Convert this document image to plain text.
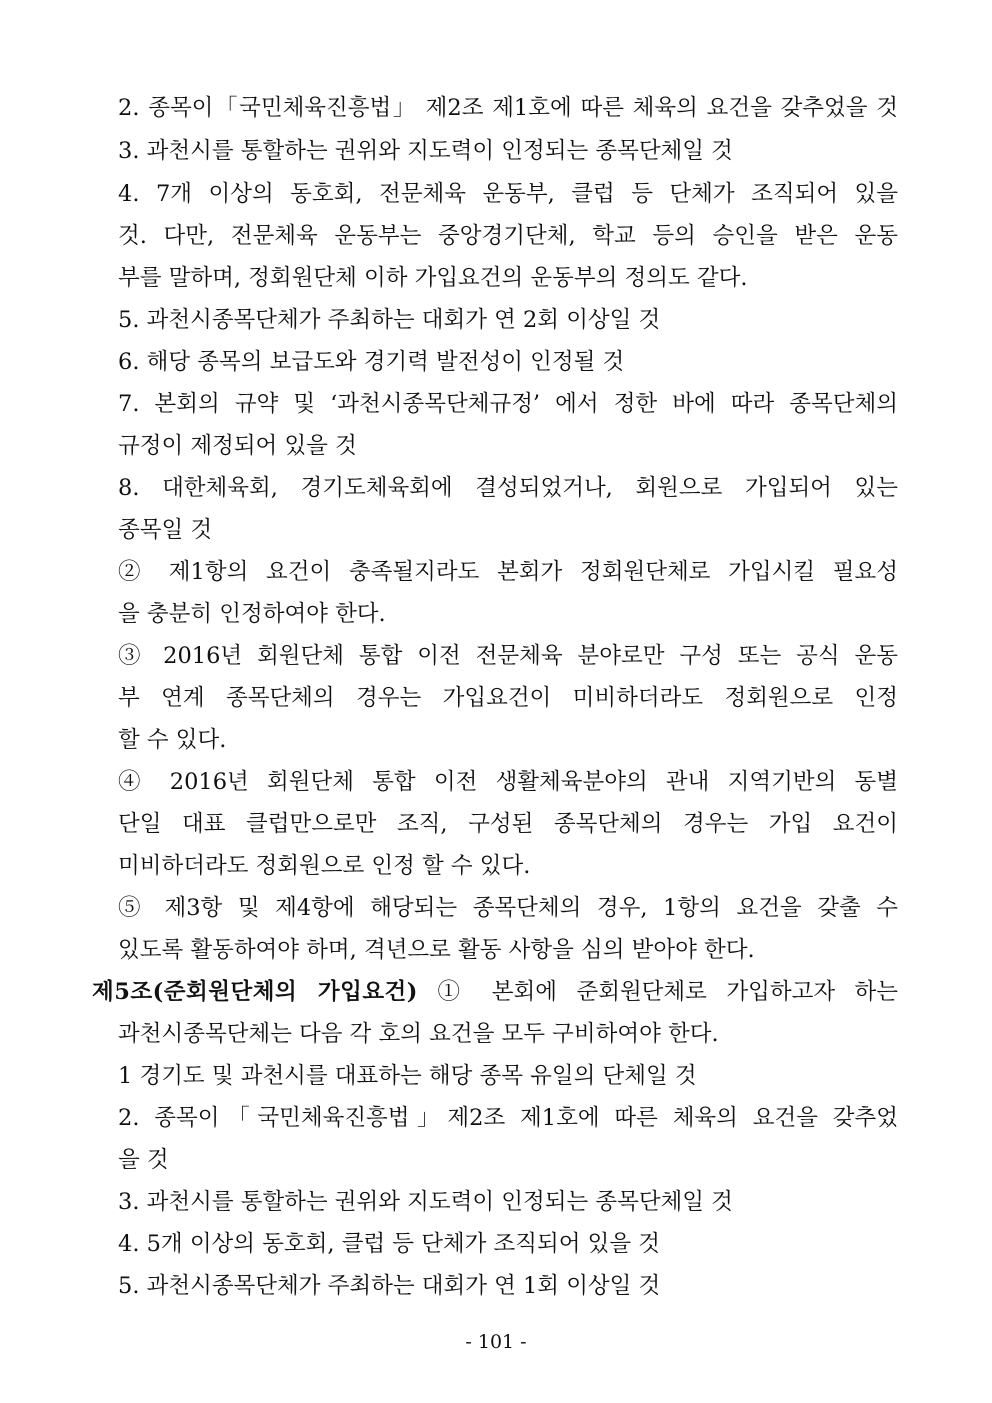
2. 종목이「국민체육진흥법」 제2조 제1호에 따른 체육의 요건을 갖추었을 것
3. 과천시를 통할하는 권위와 지도력이 인정되는 종목단체일 것
4. 7개 이상의 동호회, 전문체육 운동부, 클럽 등 단체가 조직되어 있을
것. 다만, 전문체육 운동부는 중앙경기단체, 학교 등의 승인을 받은 운동
부를 말하며, 정회원단체 이하 가입요건의 운동부의 정의도 같다.
5. 과천시종목단체가 주최하는 대회가 연 2회 이상일 것
6. 해당 종목의 보급도와 경기력 발전성이 인정될 것
7. 본회의 규약 및 ‘과천시종목단체규정’ 에서 정한 바에 따라 종목단체의
규정이 제정되어 있을 것
8. 대한체육회, 경기도체육회에 결성되었거나, 회원으로 가입되어 있는
종목일 것
② 제1항의 요건이 충족될지라도 본회가 정회원단체로 가입시킬 필요성
을 충분히 인정하여야 한다.
③ 2016년 회원단체 통합 이전 전문체육 분야로만 구성 또는 공식 운동
부 연계 종목단체의 경우는 가입요건이 미비하더라도 정회원으로 인정
할 수 있다.
④ 2016년 회원단체 통합 이전 생활체육분야의 관내 지역기반의 동별
단일 대표 클럽만으로만 조직, 구성된 종목단체의 경우는 가입 요건이
미비하더라도 정회원으로 인정 할 수 있다.
⑤ 제3항 및 제4항에 해당되는 종목단체의 경우, 1항의 요건을 갖출 수
있도록 활동하여야 하며, 격년으로 활동 사항을 심의 받아야 한다.
제5조(준회원단체의 가입요건) ① 본회에 준회원단체로 가입하고자 하는
과천시종목단체는 다음 각 호의 요건을 모두 구비하여야 한다.
1 경기도 및 과천시를 대표하는 해당 종목 유일의 단체일 것
2. 종목이「국민체육진흥법」제2조 제1호에 따른 체육의 요건을 갖추었
을 것
3. 과천시를 통할하는 권위와 지도력이 인정되는 종목단체일 것
4. 5개 이상의 동호회, 클럽 등 단체가 조직되어 있을 것
5. 과천시종목단체가 주최하는 대회가 연 1회 이상일 것
- 101 -
